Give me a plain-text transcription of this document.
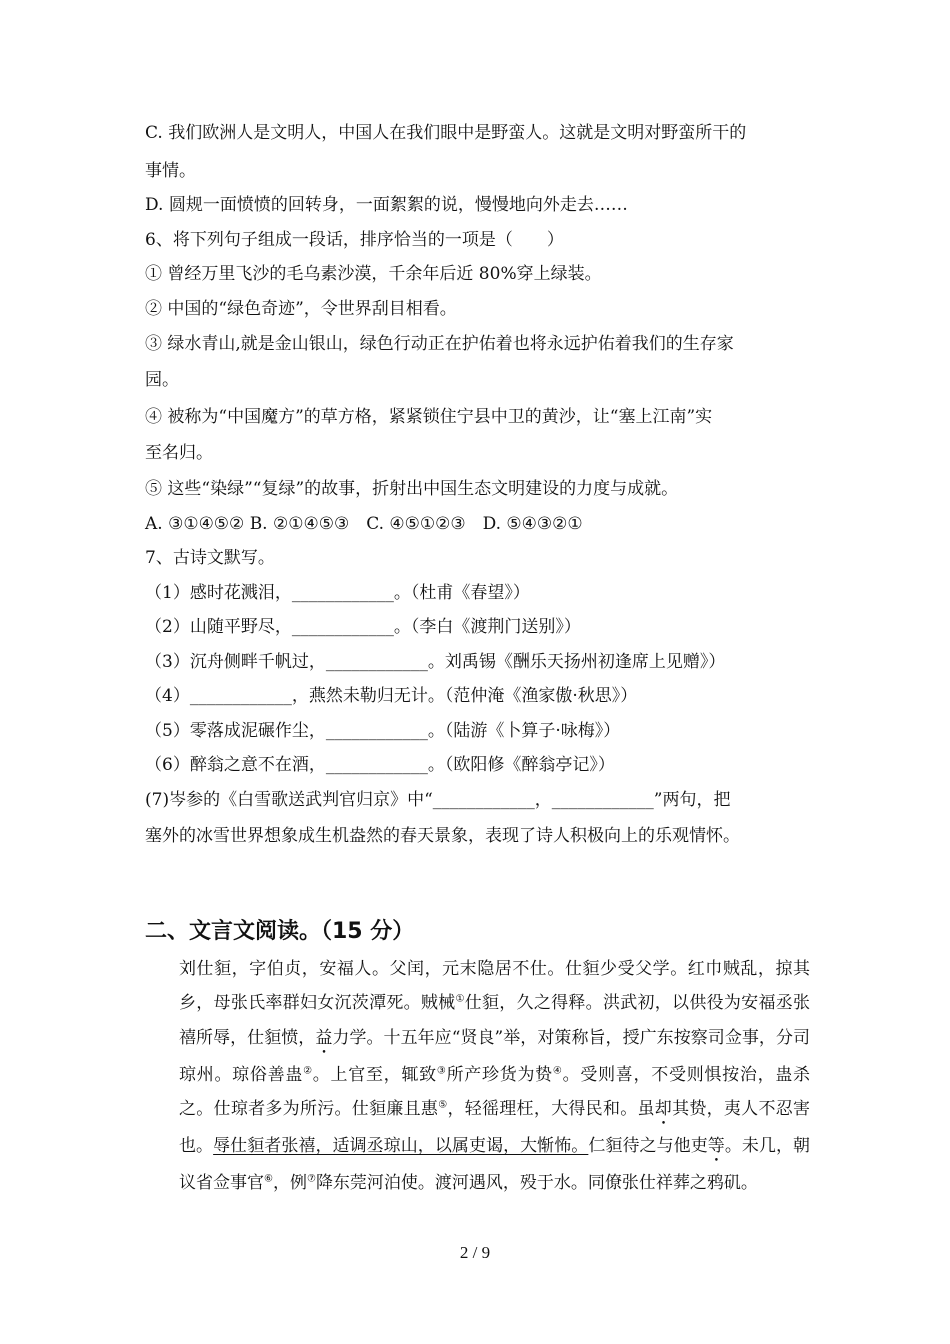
C. 我们欧洲人是文明人，中国人在我们眼中是野蛮人。这就是文明对野蛮所干的
事情。
D. 圆规一面愤愤的回转身，一面絮絮的说，慢慢地向外走去……
6、将下列句子组成一段话，排序恰当的一项是（　　）
① 曾经万里飞沙的毛乌素沙漠，千余年后近 80%穿上绿装。
② 中国的“绿色奇迹”，令世界刮目相看。
③ 绿水青山,就是金山银山，绿色行动正在护佑着也将永远护佑着我们的生存家
园。
④ 被称为“中国魔方”的草方格，紧紧锁住宁县中卫的黄沙，让“塞上江南”实
至名归。
⑤ 这些“染绿”“复绿”的故事，折射出中国生态文明建设的力度与成就。
A. ③①④⑤② B. ②①④⑤③　C. ④⑤①②③　D. ⑤④③②①
7、古诗文默写。
（1）感时花溅泪，____________。（杜甫《春望》）
（2）山随平野尽，____________。（李白《渡荆门送别》）
（3）沉舟侧畔千帆过，____________。刘禹锡《酬乐天扬州初逢席上见赠》）
（4）____________，燕然未勒归无计。（范仲淹《渔家傲·秋思》）
（5）零落成泥碾作尘，____________。（陆游《卜算子·咏梅》）
（6）醉翁之意不在酒，____________。（欧阳修《醉翁亭记》）
(7)岑参的《白雪歌送武判官归京》中“____________，____________”两句，把
塞外的冰雪世界想象成生机盎然的春天景象，表现了诗人积极向上的乐观情怀。
二、文言文阅读。（15 分）

刘仕貆，字伯贞，安福人。父闰，元末隐居不仕。仕貆少受父学。红巾贼乱，掠其乡，母张氏率群妇女沉茨潭死。贼械①仕貆，久之得释。洪武初，以供役为安福丞张禧所辱，仕貆愤，益力学。十五年应“贤良”举，对策称旨，授广东按察司佥事，分司琼州。琼俗善蛊②。上官至，辄致③所产珍货为贽④。受则喜，不受则惧按治，蛊杀之。仕琼者多为所污。仕貆廉且惠⑤，轻徭理枉，大得民和。虽却其贽，夷人不忍害也。辱仕貆者张禧，适调丞琼山，以属吏谒，大惭怖。仁貆待之与他吏等。未几，朝议省佥事官⑥，例⑦降东莞河泊使。渡河遇风，殁于水。同僚张仕祥葬之鸦矶。

2 / 9
